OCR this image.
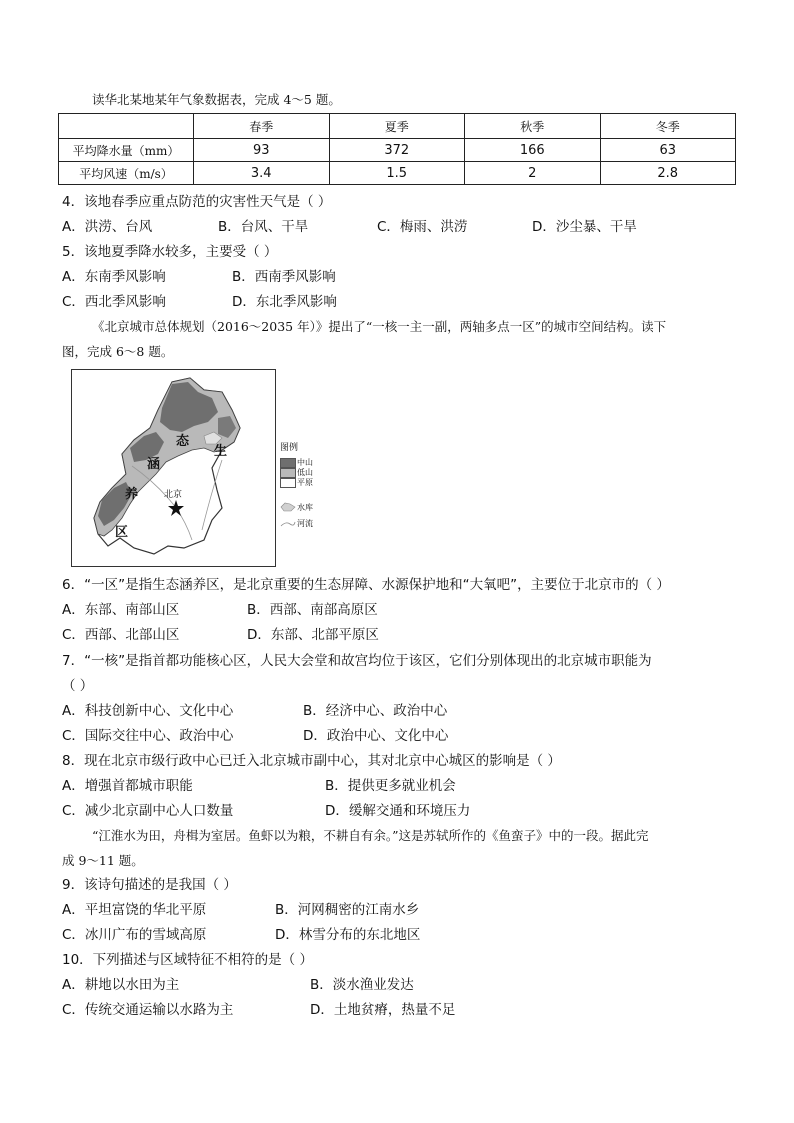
读华北某地某年气象数据表，完成 4～5 题。
	春季	夏季	秋季	冬季
平均降水量（mm）	93	372	166	63
平均风速（m/s）	3.4	1.5	2	2.8
4．该地春季应重点防范的灾害性天气是（ ）
A．洪涝、台风	B．台风、干旱	C．梅雨、洪涝	D．沙尘暴、干旱
5．该地夏季降水较多，主要受（ ）
A．东南季风影响	B．西南季风影响
C．西北季风影响	D．东北季风影响
《北京城市总体规划（2016～2035 年）》提出了“一核一主一副，两轴多点一区”的城市空间结构。读下
图，完成 6～8 题。
态
生
涵
养
区
北京
图例
中山
低山
平原
水库
河流
6．“一区”是指生态涵养区，是北京重要的生态屏障、水源保护地和“大氧吧”，主要位于北京市的（ ）
A．东部、南部山区	B．西部、南部高原区
C．西部、北部山区	D．东部、北部平原区
7．“一核”是指首都功能核心区，人民大会堂和故宫均位于该区，它们分别体现出的北京城市职能为
（ ）
A．科技创新中心、文化中心	B．经济中心、政治中心
C．国际交往中心、政治中心	D．政治中心、文化中心
8．现在北京市级行政中心已迁入北京城市副中心，其对北京中心城区的影响是（ ）
A．增强首都城市职能	B．提供更多就业机会
C．减少北京副中心人口数量	D．缓解交通和环境压力
“江淮水为田，舟楫为室居。鱼虾以为粮，不耕自有余。”这是苏轼所作的《鱼蛮子》中的一段。据此完
成 9～11 题。
9．该诗句描述的是我国（ ）
A．平坦富饶的华北平原	B．河网稠密的江南水乡
C．冰川广布的雪域高原	D．林雪分布的东北地区
10．下列描述与区域特征不相符的是（ ）
A．耕地以水田为主	B．淡水渔业发达
C．传统交通运输以水路为主	D．土地贫瘠，热量不足
